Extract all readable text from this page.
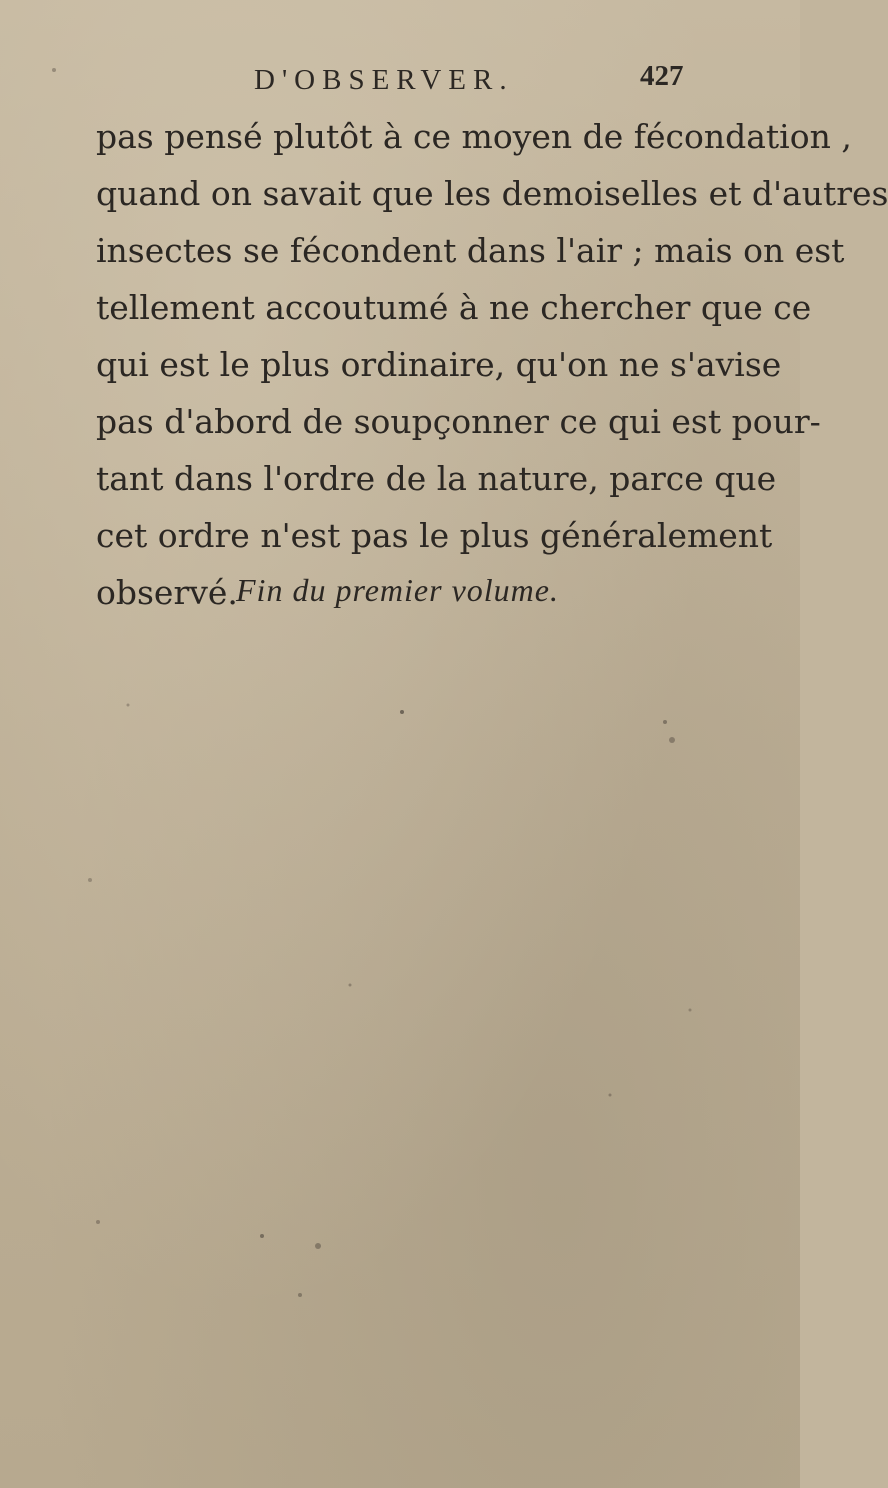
D'OBSERVER.	427
pas pensé plutôt à ce moyen de fécondation ,
quand on savait que les demoiselles et d'autres
insectes se fécondent dans l'air ; mais on est
tellement accoutumé à ne chercher que ce
qui est le plus ordinaire, qu'on ne s'avise
pas d'abord de soupçonner ce qui est pour-
tant dans l'ordre de la nature, parce que
cet ordre n'est pas le plus généralement
observé.
Fin du premier volume.
